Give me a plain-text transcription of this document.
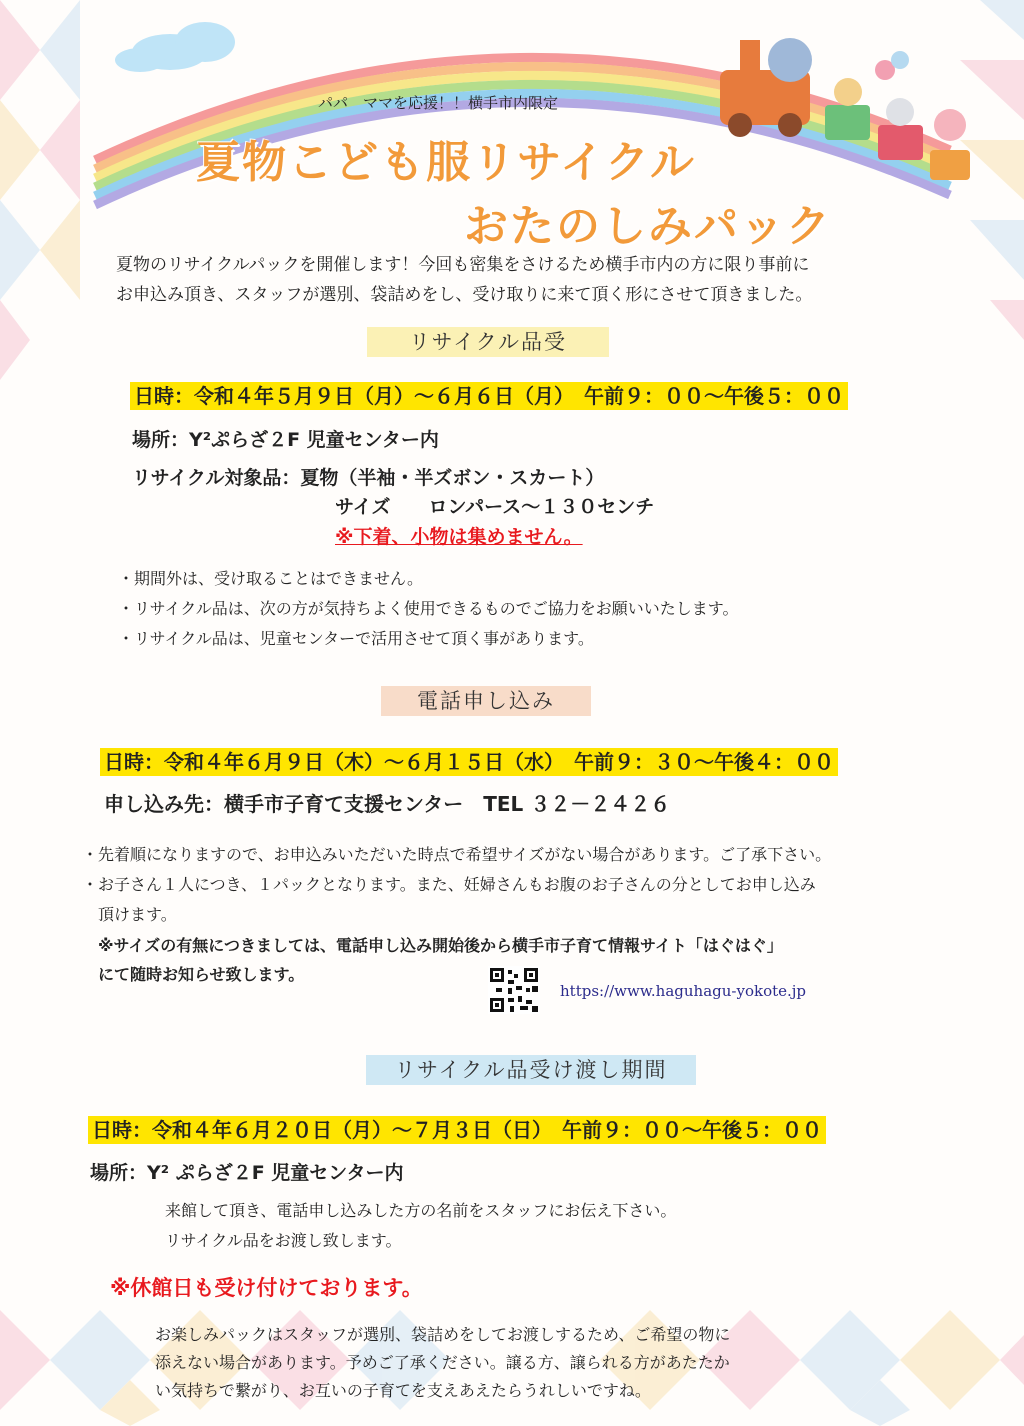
パパ　ママを応援！！横手市内限定
夏物こども服リサイクル
おたのしみパック
夏物のリサイクルパックを開催します！今回も密集をさけるため横手市内の方に限り事前に
お申込み頂き、スタッフが選別、袋詰めをし、受け取りに来て頂く形にさせて頂きました。
リサイクル品受
日時：令和４年５月９日（月）～６月６日（月）　午前９：００～午後５：００
場所：Y²ぷらざ２F 児童センター内
リサイクル対象品：夏物（半袖・半ズボン・スカート）
サイズ　　ロンパース～１３０センチ
※下着、小物は集めません。
・期間外は、受け取ることはできません。
・リサイクル品は、次の方が気持ちよく使用できるものでご協力をお願いいたします。
・リサイクル品は、児童センターで活用させて頂く事があります。
電話申し込み
日時：令和４年６月９日（木）～６月１５日（水）　午前９：３０～午後４：００
申し込み先：横手市子育て支援センター　TEL ３２－２４２６
・先着順になりますので、お申込みいただいた時点で希望サイズがない場合があります。ご了承下さい。
・お子さん１人につき、１パックとなります。また、妊婦さんもお腹のお子さんの分としてお申し込み
頂けます。
※サイズの有無につきましては、電話申し込み開始後から横手市子育て情報サイト「はぐはぐ」
にて随時お知らせ致します。
https://www.haguhagu-yokote.jp
リサイクル品受け渡し期間
日時：令和４年６月２０日（月）～７月３日（日）　午前９：００～午後５：００
場所：Y² ぷらざ２F 児童センター内
来館して頂き、電話申し込みした方の名前をスタッフにお伝え下さい。
リサイクル品をお渡し致します。
※休館日も受け付けております。
お楽しみパックはスタッフが選別、袋詰めをしてお渡しするため、ご希望の物に
添えない場合があります。予めご了承ください。譲る方、譲られる方があたたか
い気持ちで繋がり、お互いの子育てを支えあえたらうれしいですね。
